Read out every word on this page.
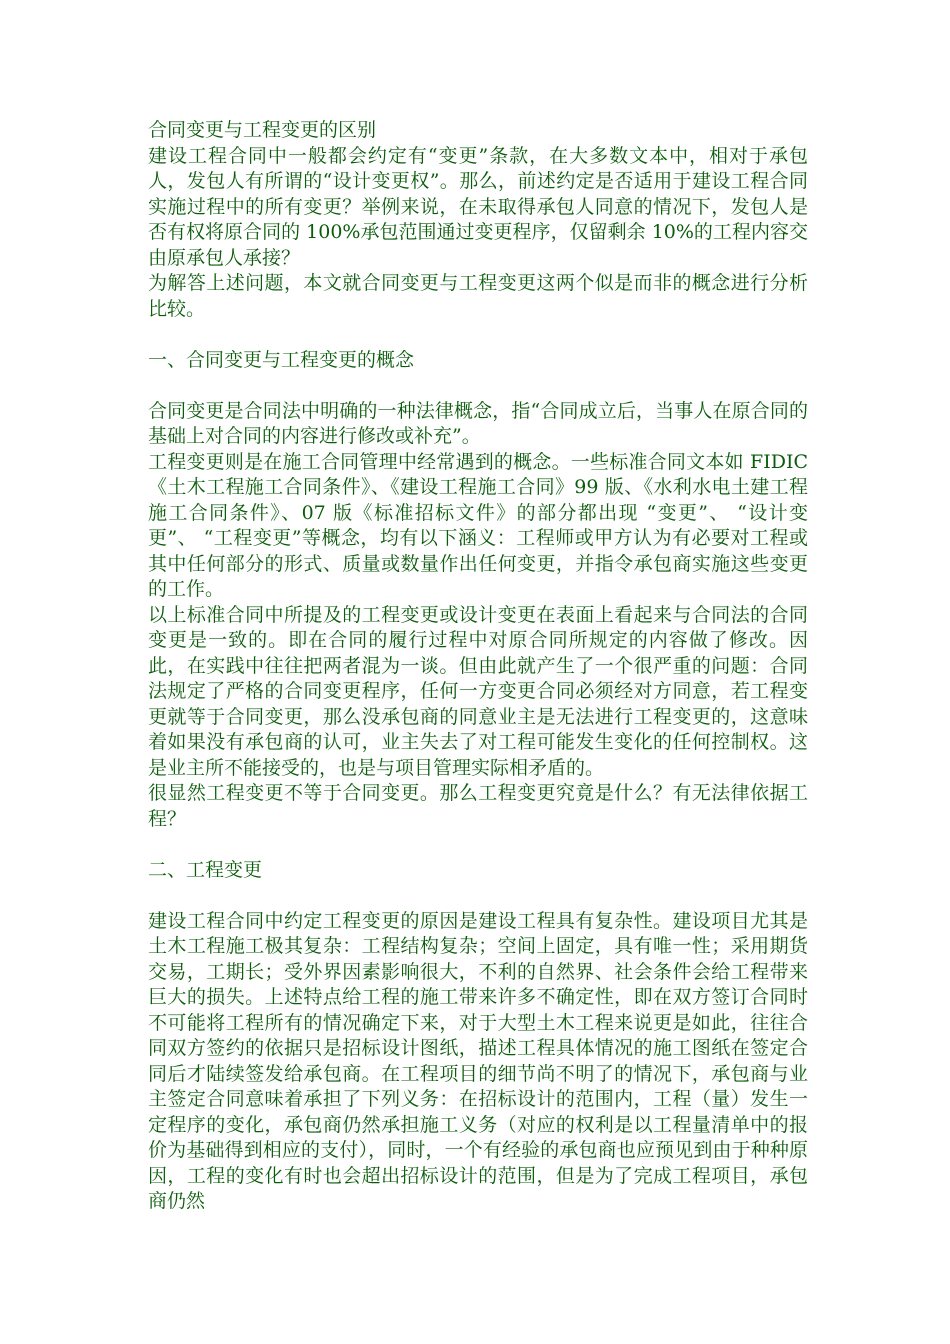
合同变更与工程变更的区别

建设工程合同中一般都会约定有“变更”条款，在大多数文本中，相对于承包人，发包人有所谓的“设计变更权”。那么，前述约定是否适用于建设工程合同实施过程中的所有变更？举例来说，在未取得承包人同意的情况下，发包人是否有权将原合同的 100%承包范围通过变更程序，仅留剩余 10%的工程内容交由原承包人承接？

为解答上述问题，本文就合同变更与工程变更这两个似是而非的概念进行分析比较。

一、合同变更与工程变更的概念

合同变更是合同法中明确的一种法律概念，指“合同成立后，当事人在原合同的基础上对合同的内容进行修改或补充”。

工程变更则是在施工合同管理中经常遇到的概念。一些标准合同文本如 FIDIC《土木工程施工合同条件》、《建设工程施工合同》99 版、《水利水电土建工程施工合同条件》、07 版《标准招标文件》的部分都出现 “变更”、 “设计变更”、 “工程变更”等概念，均有以下涵义：工程师或甲方认为有必要对工程或其中任何部分的形式、质量或数量作出任何变更，并指令承包商实施这些变更的工作。

以上标准合同中所提及的工程变更或设计变更在表面上看起来与合同法的合同变更是一致的。即在合同的履行过程中对原合同所规定的内容做了修改。因此，在实践中往往把两者混为一谈。但由此就产生了一个很严重的问题：合同法规定了严格的合同变更程序，任何一方变更合同必须经对方同意，若工程变更就等于合同变更，那么没承包商的同意业主是无法进行工程变更的，这意味着如果没有承包商的认可，业主失去了对工程可能发生变化的任何控制权。这是业主所不能接受的，也是与项目管理实际相矛盾的。

很显然工程变更不等于合同变更。那么工程变更究竟是什么？有无法律依据工程？

二、工程变更

建设工程合同中约定工程变更的原因是建设工程具有复杂性。建设项目尤其是土木工程施工极其复杂：工程结构复杂；空间上固定，具有唯一性；采用期货交易，工期长；受外界因素影响很大，不利的自然界、社会条件会给工程带来巨大的损失。上述特点给工程的施工带来许多不确定性，即在双方签订合同时不可能将工程所有的情况确定下来，对于大型土木工程来说更是如此，往往合同双方签约的依据只是招标设计图纸，描述工程具体情况的施工图纸在签定合同后才陆续签发给承包商。在工程项目的细节尚不明了的情况下，承包商与业主签定合同意味着承担了下列义务：在招标设计的范围内，工程（量）发生一定程序的变化，承包商仍然承担施工义务（对应的权利是以工程量清单中的报价为基础得到相应的支付），同时，一个有经验的承包商也应预见到由于种种原因，工程的变化有时也会超出招标设计的范围，但是为了完成工程项目，承包商仍然
